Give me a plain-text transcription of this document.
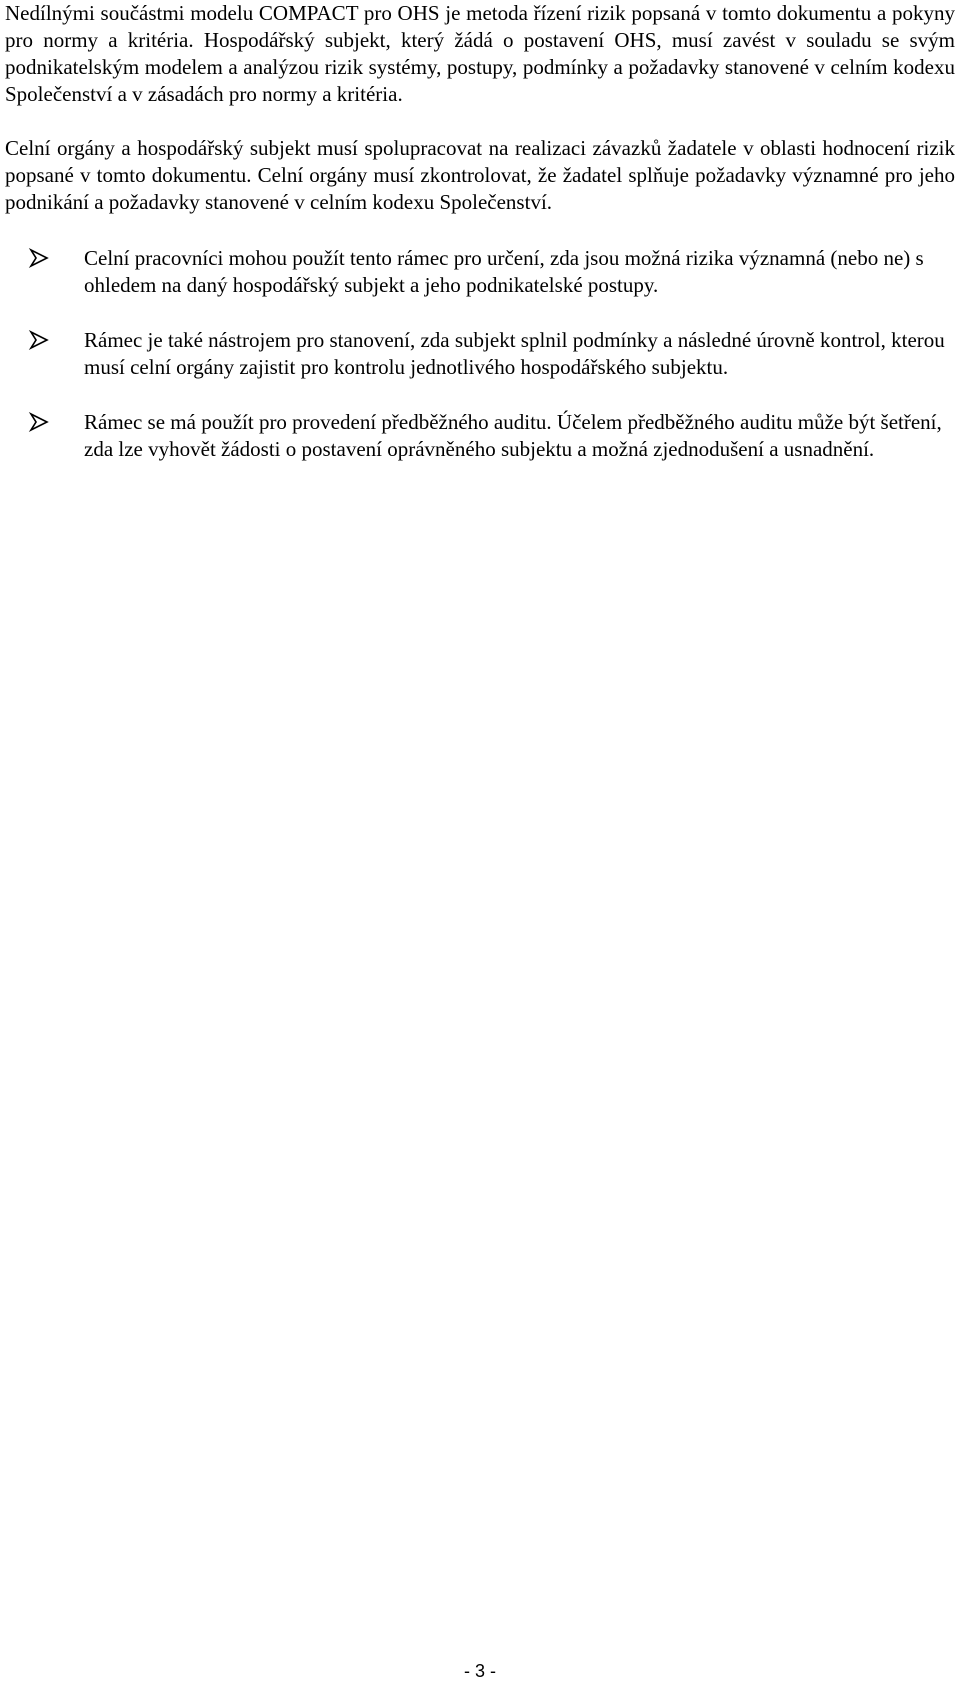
Nedílnými součástmi modelu COMPACT pro OHS je metoda řízení rizik popsaná v tomto dokumentu a pokyny pro normy a kritéria. Hospodářský subjekt, který žádá o postavení OHS, musí zavést v souladu se svým podnikatelským modelem a analýzou rizik systémy, postupy, podmínky a požadavky stanovené v celním kodexu Společenství a v zásadách pro normy a kritéria.

Celní orgány a hospodářský subjekt musí spolupracovat na realizaci závazků žadatele v oblasti hodnocení rizik popsané v tomto dokumentu. Celní orgány musí zkontrolovat, že žadatel splňuje požadavky významné pro jeho podnikání a požadavky stanovené v celním kodexu Společenství.

Celní pracovníci mohou použít tento rámec pro určení, zda jsou možná rizika významná (nebo ne) s ohledem na daný hospodářský subjekt a jeho podnikatelské postupy.
Rámec je také nástrojem pro stanovení, zda subjekt splnil podmínky a následné úrovně kontrol, kterou musí celní orgány zajistit pro kontrolu jednotlivého hospodářského subjektu.
Rámec se má použít pro provedení předběžného auditu. Účelem předběžného auditu může být šetření, zda lze vyhovět žádosti o postavení oprávněného subjektu a možná zjednodušení a usnadnění.
- 3 -
